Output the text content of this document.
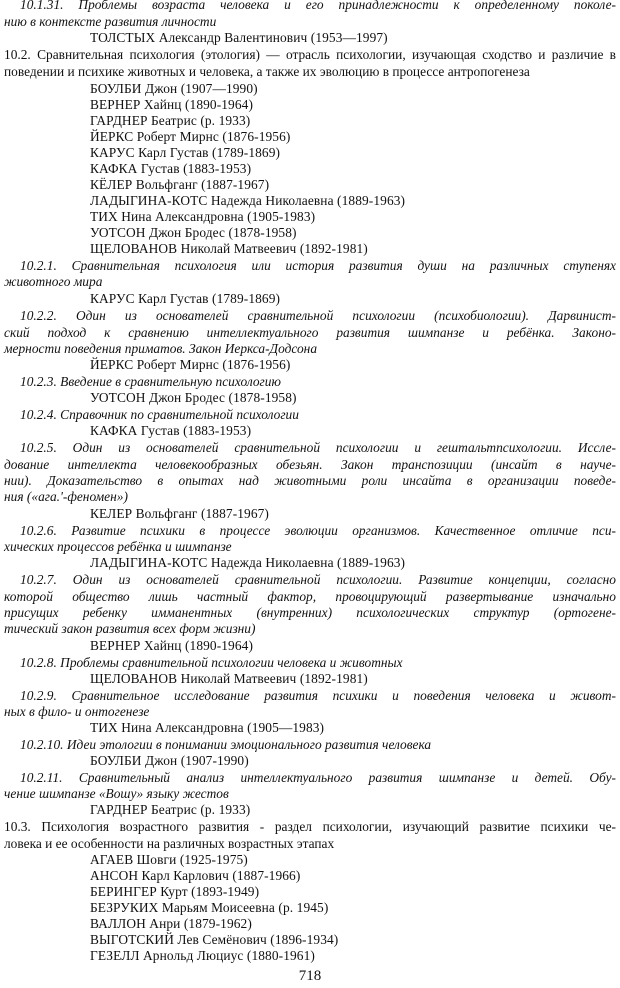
10.1.31. Проблемы возраста человека и его принадлежности к определенному поколе-
нию в контексте развития личности
ТОЛСТЫХ Александр Валентинович (1953—1997)
10.2. Сравнительная психология (этология) — отрасль психологии, изучающая сходство и различие в
поведении и психике животных и человека, а также их эволюцию в процессе антропогенеза
БОУЛБИ Джон (1907—1990)
ВЕРНЕР Хайнц (1890-1964)
ГАРДНЕР Беатрис (р. 1933)
ЙЕРКС Роберт Мирнс (1876-1956)
КАРУС Карл Густав (1789-1869)
КАФКА Густав (1883-1953)
КЁЛЕР Вольфганг (1887-1967)
ЛАДЫГИНА-КОТС Надежда Николаевна (1889-1963)
ТИХ Нина Александровна (1905-1983)
УОТСОН Джон Бродес (1878-1958)
ЩЕЛОВАНОВ Николай Матвеевич (1892-1981)
10.2.1. Сравнительная психология или история развития души на различных ступенях
животного мира
КАРУС Карл Густав (1789-1869)
10.2.2. Один из основателей сравнительной психологии (психобиологии). Дарвинист-
ский подход к сравнению интеллектуального развития шимпанзе и ребёнка. Законо-
мерности поведения приматов. Закон Иеркса-Додсона
ЙЕРКС Роберт Мирнс (1876-1956)
10.2.3. Введение в сравнительную психологию
УОТСОН Джон Бродес (1878-1958)
10.2.4. Справочник по сравнительной психологии
КАФКА Густав (1883-1953)
10.2.5. Один из основателей сравнительной психологии и гештальтпсихологии. Иссле-
дование интеллекта человекообразных обезьян. Закон транспозиции (инсайт в науче-
нии). Доказательство в опытах над животными роли инсайта в организации поведе-
ния («ага.'-феномен»)
КЕЛЕР Вольфганг (1887-1967)
10.2.6. Развитие психики в процессе эволюции организмов. Качественное отличие пси-
хических процессов ребёнка и шимпанзе
ЛАДЫГИНА-КОТС Надежда Николаевна (1889-1963)
10.2.7. Один из основателей сравнительной психологии. Развитие концепции, согласно
которой общество лишь частный фактор, провоцирующий развертывание изначально
присущих ребенку имманентных (внутренних) психологических структур (ортогене-
тический закон развития всех форм жизни)
ВЕРНЕР Хайнц (1890-1964)
10.2.8. Проблемы сравнительной психологии человека и животных
ЩЕЛОВАНОВ Николай Матвеевич (1892-1981)
10.2.9. Сравнительное исследование развития психики и поведения человека и живот-
ных в фило- и онтогенезе
ТИХ Нина Александровна (1905—1983)
10.2.10. Идеи этологии в понимании эмоционального развития человека
БОУЛБИ Джон (1907-1990)
10.2.11. Сравнительный анализ интеллектуального развития шимпанзе и детей. Обу-
чение шимпанзе «Вошу» языку жестов
ГАРДНЕР Беатрис (р. 1933)
10.3. Психология возрастного развития - раздел психологии, изучающий развитие психики че-
ловека и ее особенности на различных возрастных этапах
АГАЕВ Шовги (1925-1975)
АНСОН Карл Карлович (1887-1966)
БЕРИНГЕР Курт (1893-1949)
БЕЗРУКИХ Марьям Моисеевна (р. 1945)
ВАЛЛОН Анри (1879-1962)
ВЫГОТСКИЙ Лев Семёнович (1896-1934)
ГЕЗЕЛЛ Арнольд Люциус (1880-1961)
718
